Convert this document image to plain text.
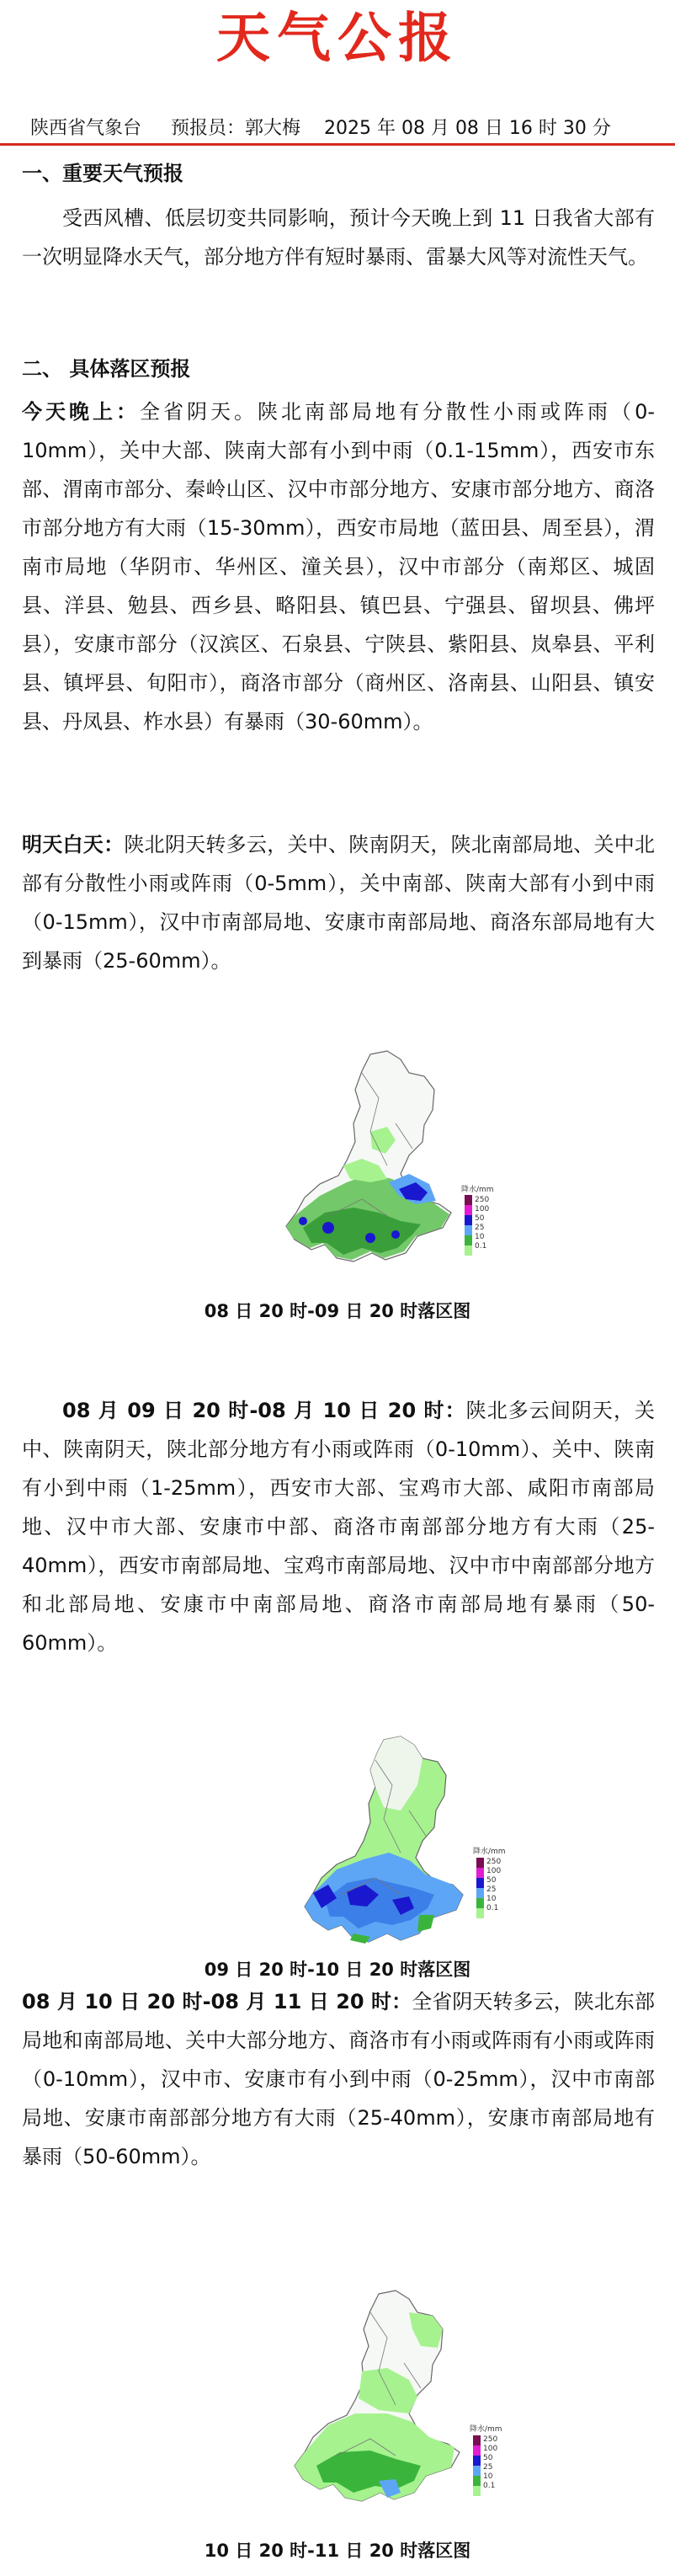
天气公报
陕西省气象台 预报员：郭大梅 2025 年 08 月 08 日 16 时 30 分
一、重要天气预报
受西风槽、低层切变共同影响，预计今天晚上到 11 日我省大部有一次明显降水天气，部分地方伴有短时暴雨、雷暴大风等对流性天气。
二、 具体落区预报
今天晚上：全省阴天。陕北南部局地有分散性小雨或阵雨（0-10mm），关中大部、陕南大部有小到中雨（0.1-15mm），西安市东部、渭南市部分、秦岭山区、汉中市部分地方、安康市部分地方、商洛市部分地方有大雨（15-30mm），西安市局地（蓝田县、周至县），渭南市局地（华阴市、华州区、潼关县），汉中市部分（南郑区、城固县、洋县、勉县、西乡县、略阳县、镇巴县、宁强县、留坝县、佛坪县），安康市部分（汉滨区、石泉县、宁陕县、紫阳县、岚皋县、平利县、镇坪县、旬阳市），商洛市部分（商州区、洛南县、山阳县、镇安县、丹凤县、柞水县）有暴雨（30-60mm）。
明天白天：陕北阴天转多云，关中、陕南阴天，陕北南部局地、关中北部有分散性小雨或阵雨（0-5mm），关中南部、陕南大部有小到中雨（0-15mm），汉中市南部局地、安康市南部局地、商洛东部局地有大到暴雨（25-60mm）。
降水/mm
250
100
50
25
10
0.1
08 日 20 时-09 日 20 时落区图
08 月 09 日 20 时-08 月 10 日 20 时：陕北多云间阴天，关中、陕南阴天，陕北部分地方有小雨或阵雨（0-10mm）、关中、陕南有小到中雨（1-25mm），西安市大部、宝鸡市大部、咸阳市南部局地、汉中市大部、安康市中部、商洛市南部部分地方有大雨（25-40mm），西安市南部局地、宝鸡市南部局地、汉中市中南部部分地方和北部局地、安康市中南部局地、商洛市南部局地有暴雨（50-60mm）。
降水/mm
250
100
50
25
10
0.1
09 日 20 时-10 日 20 时落区图
08 月 10 日 20 时-08 月 11 日 20 时：全省阴天转多云，陕北东部局地和南部局地、关中大部分地方、商洛市有小雨或阵雨有小雨或阵雨（0-10mm），汉中市、安康市有小到中雨（0-25mm），汉中市南部局地、安康市南部部分地方有大雨（25-40mm），安康市南部局地有暴雨（50-60mm）。
降水/mm
250
100
50
25
10
0.1
10 日 20 时-11 日 20 时落区图
